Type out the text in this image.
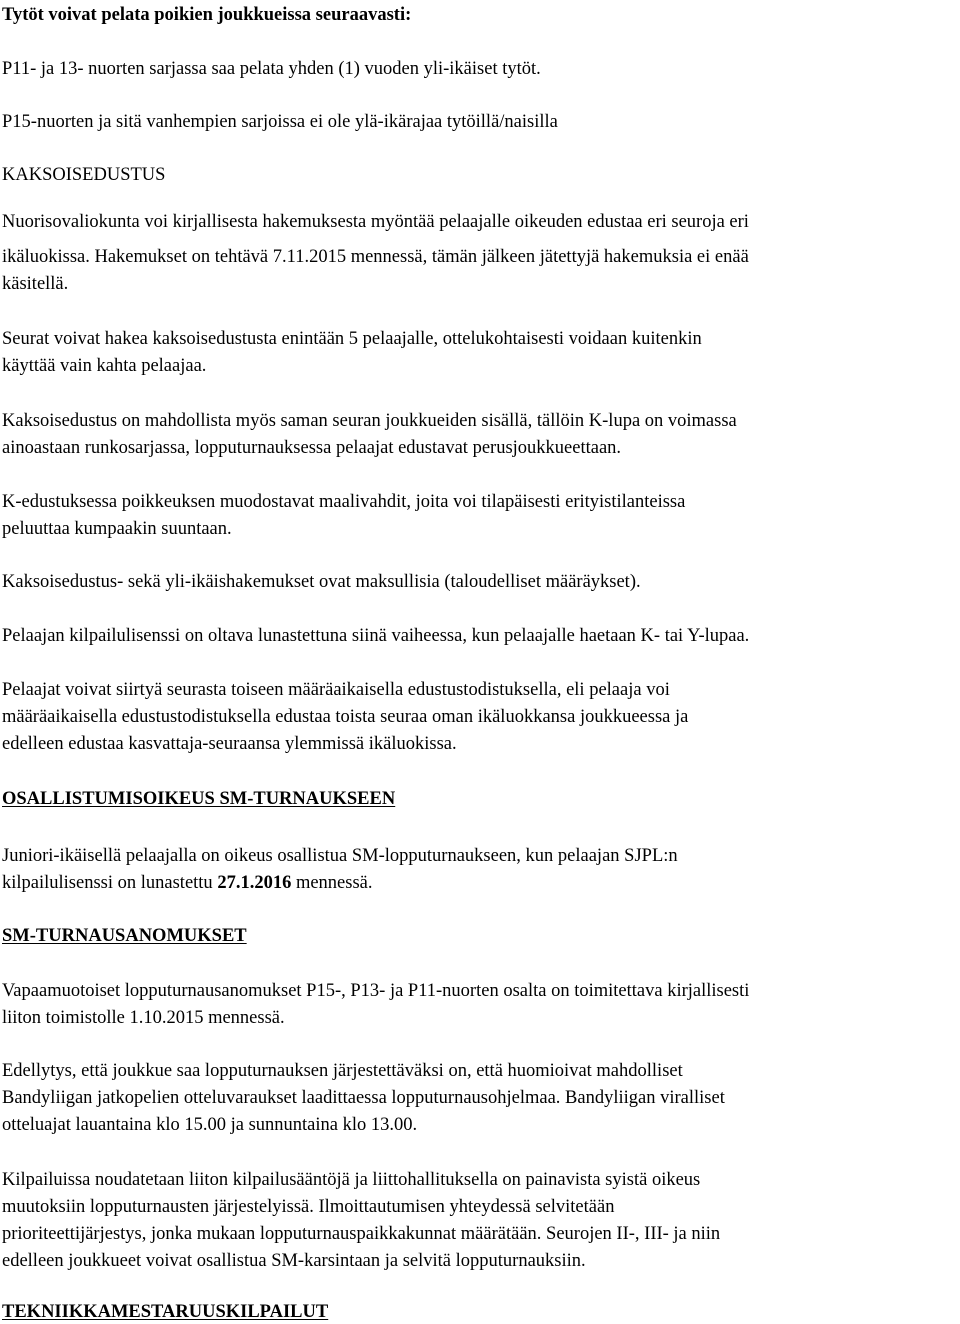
Tytöt voivat pelata poikien joukkueissa seuraavasti:

P11- ja 13- nuorten sarjassa saa pelata yhden (1) vuoden yli-ikäiset tytöt.

P15-nuorten ja sitä vanhempien sarjoissa ei ole ylä-ikärajaa tytöillä/naisilla

KAKSOISEDUSTUS

Nuorisovaliokunta voi kirjallisesta hakemuksesta myöntää pelaajalle oikeuden edustaa eri seuroja eri

ikäluokissa. Hakemukset on tehtävä 7.11.2015 mennessä, tämän jälkeen jätettyjä hakemuksia ei enää

käsitellä.

Seurat voivat hakea kaksoisedustusta enintään 5 pelaajalle, ottelukohtaisesti voidaan kuitenkin

käyttää vain kahta pelaajaa.

Kaksoisedustus on mahdollista myös saman seuran joukkueiden sisällä, tällöin K-lupa on voimassa

ainoastaan runkosarjassa, lopputurnauksessa pelaajat edustavat perusjoukkueettaan.

K-edustuksessa poikkeuksen muodostavat maalivahdit, joita voi tilapäisesti erityistilanteissa

peluuttaa kumpaakin suuntaan.

Kaksoisedustus- sekä yli-ikäishakemukset ovat maksullisia (taloudelliset määräykset).

Pelaajan kilpailulisenssi on oltava lunastettuna siinä vaiheessa, kun pelaajalle haetaan K- tai Y-lupaa.

Pelaajat voivat siirtyä seurasta toiseen määräaikaisella edustustodistuksella, eli pelaaja voi

määräaikaisella edustustodistuksella edustaa toista seuraa oman ikäluokkansa joukkueessa ja

edelleen edustaa kasvattaja-seuraansa ylemmissä ikäluokissa.

OSALLISTUMISOIKEUS SM-TURNAUKSEEN

Juniori-ikäisellä pelaajalla on oikeus osallistua SM-lopputurnaukseen, kun pelaajan SJPL:n

kilpailulisenssi on lunastettu 27.1.2016 mennessä.

SM-TURNAUSANOMUKSET

Vapaamuotoiset lopputurnausanomukset P15-, P13- ja P11-nuorten osalta on toimitettava kirjallisesti

liiton toimistolle 1.10.2015 mennessä.

Edellytys, että joukkue saa lopputurnauksen järjestettäväksi on, että huomioivat mahdolliset

Bandyliigan jatkopelien otteluvaraukset laadittaessa lopputurnausohjelmaa. Bandyliigan viralliset

otteluajat lauantaina klo 15.00 ja sunnuntaina klo 13.00.

Kilpailuissa noudatetaan liiton kilpailusääntöjä ja liittohallituksella on painavista syistä oikeus

muutoksiin lopputurnausten järjestelyissä. Ilmoittautumisen yhteydessä selvitetään

prioriteettijärjestys, jonka mukaan lopputurnauspaikkakunnat määrätään. Seurojen II-, III- ja niin

edelleen joukkueet voivat osallistua SM-karsintaan ja selvitä lopputurnauksiin.

TEKNIIKKAMESTARUUSKILPAILUT
